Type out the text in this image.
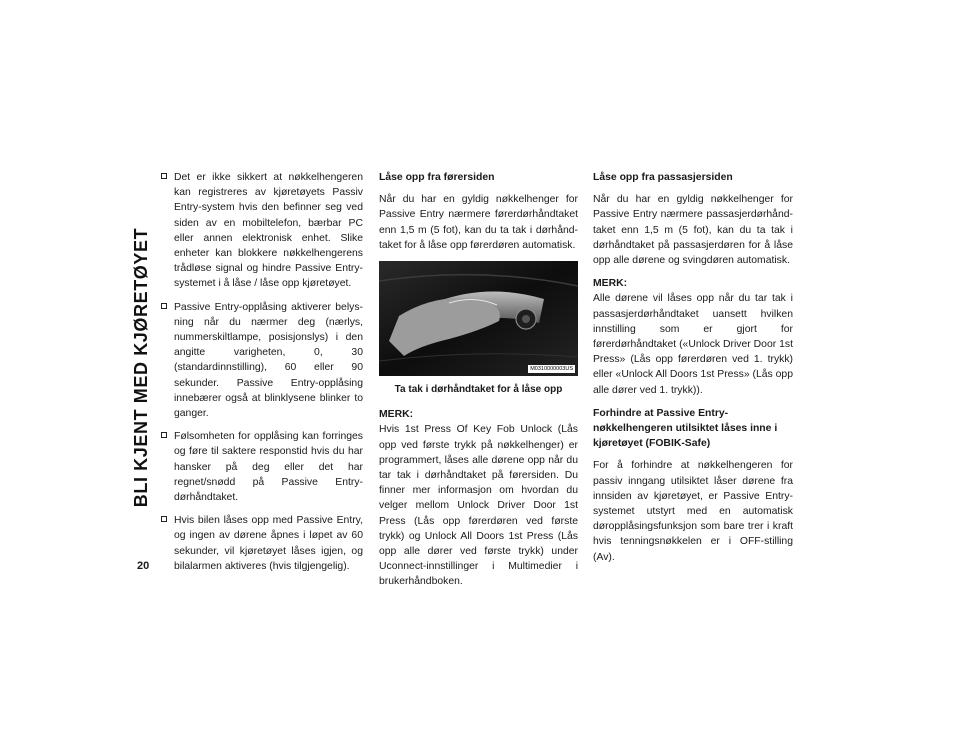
BLI KJENT MED KJØRETØYET
20
Det er ikke sikkert at nøkkelhengeren kan registreres av kjøretøyets Passiv Entry-system hvis den befinner seg ved siden av en mobiltelefon, bærbar PC eller annen elektronisk enhet. Slike enheter kan blokkere nøkkelhengerens trådløse signal og hindre Passive Entry-systemet i å låse / låse opp kjøretøyet.
Passive Entry-opplåsing aktiverer belysning når du nærmer deg (nærlys, nummerskiltlampe, posisjonslys) i den angitte varigheten, 0, 30 (standardinnstilling), 60 eller 90 sekunder. Passive Entry-opplåsing innebærer også at blinklysene blinker to ganger.
Følsomheten for opplåsing kan forringes og føre til saktere responstid hvis du har hansker på deg eller det har regnet/snødd på Passive Entry-dørhåndtaket.
Hvis bilen låses opp med Passive Entry, og ingen av dørene åpnes i løpet av 60 sekunder, vil kjøretøyet låses igjen, og bilalarmen aktiveres (hvis tilgjengelig).
Låse opp fra førersiden

Når du har en gyldig nøkkelhenger for Passive Entry nærmere førerdørhåndtaket enn 1,5 m (5 fot), kan du ta tak i dørhåndtaket for å låse opp førerdøren automatisk.

M0310000003US
Ta tak i dørhåndtaket for å låse opp

MERK:
Hvis 1st Press Of Key Fob Unlock (Lås opp ved første trykk på nøkkelhenger) er programmert, låses alle dørene opp når du tar tak i dørhåndtaket på førersiden. Du finner mer informasjon om hvordan du velger mellom Unlock Driver Door 1st Press (Lås opp førerdøren ved første trykk) og Unlock All Doors 1st Press (Lås opp alle dører ved første trykk) under Uconnect-innstillinger i Multimedier i brukerhåndboken.

Låse opp fra passasjersiden

Når du har en gyldig nøkkelhenger for Passive Entry nærmere passasjerdørhåndtaket enn 1,5 m (5 fot), kan du ta tak i dørhåndtaket på passasjerdøren for å låse opp alle dørene og svingdøren automatisk.

MERK:
Alle dørene vil låses opp når du tar tak i passasjerdørhåndtaket uansett hvilken innstilling som er gjort for førerdørhåndtaket («Unlock Driver Door 1st Press» (Lås opp førerdøren ved 1. trykk) eller «Unlock All Doors 1st Press» (Lås opp alle dører ved 1. trykk)).

Forhindre at Passive Entry-nøkkelhengeren utilsiktet låses inne i kjøretøyet (FOBIK-Safe)

For å forhindre at nøkkelhengeren for passiv inngang utilsiktet låser dørene fra innsiden av kjøretøyet, er Passive Entry-systemet utstyrt med en automatisk døropplåsingsfunksjon som bare trer i kraft hvis tenningsnøkkelen er i OFF-stilling (Av).
